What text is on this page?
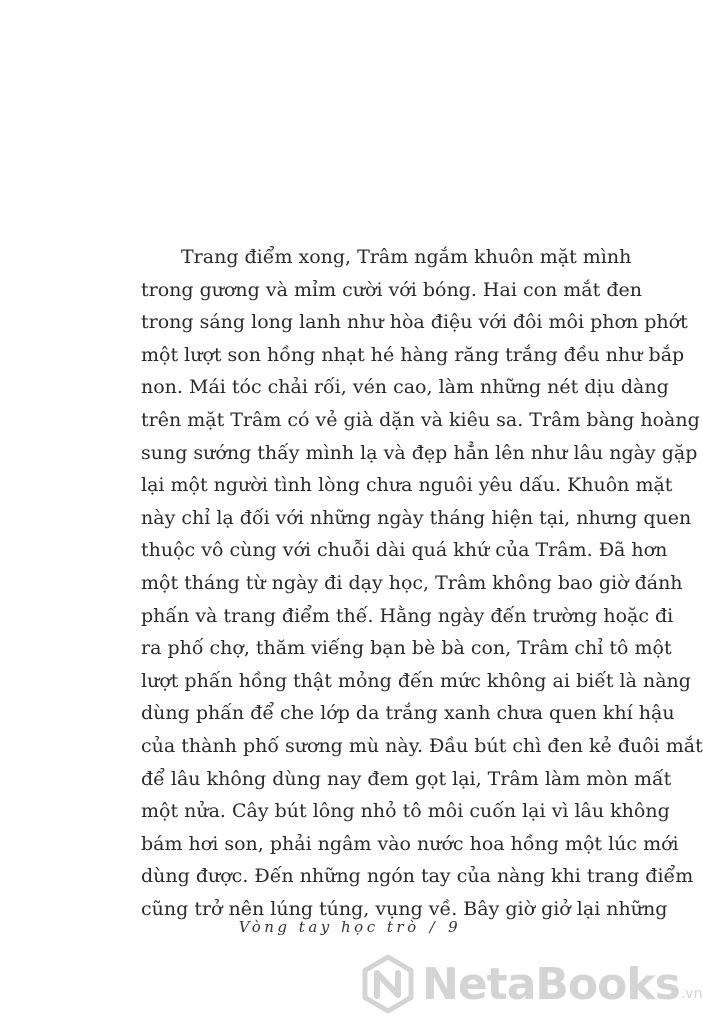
Trang điểm xong, Trâm ngắm khuôn mặt mình
trong gương và mỉm cười với bóng. Hai con mắt đen
trong sáng long lanh như hòa điệu với đôi môi phơn phớt
một lượt son hồng nhạt hé hàng răng trắng đều như bắp
non. Mái tóc chải rối, vén cao, làm những nét dịu dàng
trên mặt Trâm có vẻ già dặn và kiêu sa. Trâm bàng hoàng
sung sướng thấy mình lạ và đẹp hẳn lên như lâu ngày gặp
lại một người tình lòng chưa nguôi yêu dấu. Khuôn mặt
này chỉ lạ đối với những ngày tháng hiện tại, nhưng quen
thuộc vô cùng với chuỗi dài quá khứ của Trâm. Đã hơn
một tháng từ ngày đi dạy học, Trâm không bao giờ đánh
phấn và trang điểm thế. Hằng ngày đến trường hoặc đi
ra phố chợ, thăm viếng bạn bè bà con, Trâm chỉ tô một
lượt phấn hồng thật mỏng đến mức không ai biết là nàng
dùng phấn để che lớp da trắng xanh chưa quen khí hậu
của thành phố sương mù này. Đầu bút chì đen kẻ đuôi mắt
để lâu không dùng nay đem gọt lại, Trâm làm mòn mất
một nửa. Cây bút lông nhỏ tô môi cuốn lại vì lâu không
bám hơi son, phải ngâm vào nước hoa hồng một lúc mới
dùng được. Đến những ngón tay của nàng khi trang điểm
cũng trở nên lúng túng, vụng về. Bây giờ giở lại những
Vòng tay học trò / 9
NetaBooks .vn
